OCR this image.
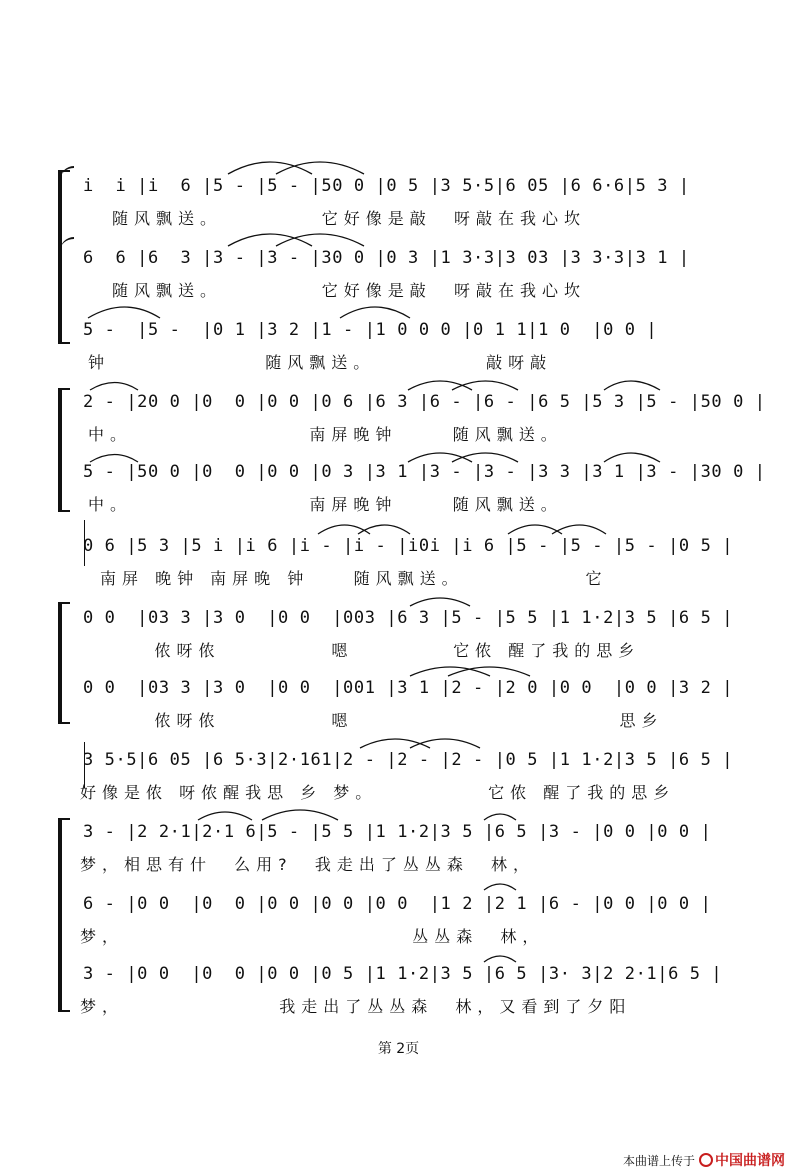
i  i |i  6 |5 - |5 - |50 0 |0 5 |3 5·5|6 05 |6 6·6|5 3 |
随风飘送。         它好像是敲  呀敲在我心坎
6  6 |6  3 |3 - |3 - |30 0 |0 3 |1 3·3|3 03 |3 3·3|3 1 |
随风飘送。         它好像是敲  呀敲在我心坎
5 -  |5 -  |0 1 |3 2 |1 - |1 0 0 0 |0 1 1|1 0  |0 0 |
钟              随风飘送。          敲呀敲
2 - |20 0 |0  0 |0 0 |0 6 |6 3 |6 - |6 - |6 5 |5 3 |5 - |50 0 |
中。                南屏晚钟     随风飘送。
5 - |50 0 |0  0 |0 0 |0 3 |3 1 |3 - |3 - |3 3 |3 1 |3 - |30 0 |
中。                南屏晚钟     随风飘送。
0 6 |5 3 |5 i |i 6 |i - |i - |i0i |i 6 |5 - |5 - |5 - |0 5 |
南屏 晚钟 南屏晚 钟    随风飘送。           它
0 0  |03 3 |3 0  |0 0  |003 |6 3 |5 - |5 5 |1 1·2|3 5 |6 5 |
侬呀侬          嗯         它侬 醒了我的思乡
0 0  |03 3 |3 0  |0 0  |001 |3 1 |2 - |2 0 |0 0  |0 0 |3 2 |
侬呀侬          嗯                        思乡
3 5·5|6 05 |6 5·3|2·161|2 - |2 - |2 - |0 5 |1 1·2|3 5 |6 5 |
好像是侬 呀侬醒我思 乡 梦。          它侬 醒了我的思乡
3 - |2 2·1|2·1 6|5 - |5 5 |1 1·2|3 5 |6 5 |3 - |0 0 |0 0 |
梦，相思有什  么用?  我走出了丛丛森  林，
6 - |0 0  |0  0 |0 0 |0 0 |0 0  |1 2 |2 1 |6 - |0 0 |0 0 |
梦，                          丛丛森  林，
3 - |0 0  |0  0 |0 0 |0 5 |1 1·2|3 5 |6 5 |3· 3|2 2·1|6 5 |
梦，              我走出了丛丛森  林，又看到了夕阳
第 2页
本曲谱上传于 中国曲谱网
